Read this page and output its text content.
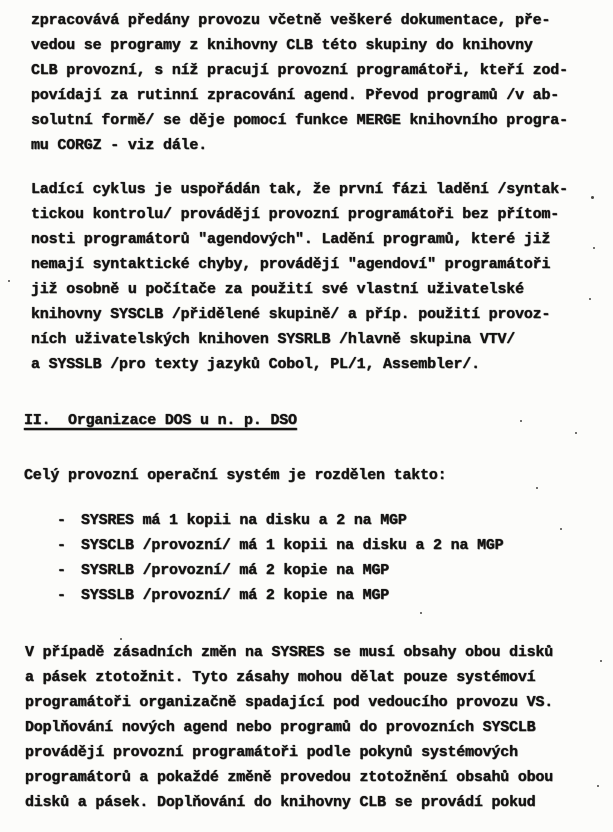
zpracovává předány provozu včetně veškeré dokumentace, pře-
vedou se programy z knihovny CLB této skupiny do knihovny
CLB provozní, s níž pracují provozní programátoři, kteří zod-
povídají za rutinní zpracování agend. Převod programů /v ab-
solutní formě/ se děje pomocí funkce MERGE knihovního progra-
mu CORGZ - viz dále.
Ladící cyklus je uspořádán tak, že první fázi ladění /syntak-
tickou kontrolu/ provádějí provozní programátoři bez přítom-
nosti programátorů "agendových". Ladění programů, které již
nemají syntaktické chyby, provádějí "agendoví" programátoři
již osobně u počítače za použití své vlastní uživatelské
knihovny SYSCLB /přidělené skupině/ a příp. použití provoz-
ních uživatelských knihoven SYSRLB /hlavně skupina VTV/
a SYSSLB /pro texty jazyků Cobol, PL/1, Assembler/.
II.  Organizace DOS u n. p. DSO
Celý provozní operační systém je rozdělen takto:
-	SYSRES má 1 kopii na disku a 2 na MGP
-	SYSCLB /provozní/ má 1 kopii na disku a 2 na MGP
-	SYSRLB /provozní/ má 2 kopie na MGP
-	SYSSLB /provozní/ má 2 kopie na MGP
V případě zásadních změn na SYSRES se musí obsahy obou disků
a pásek ztotožnit. Tyto zásahy mohou dělat pouze systémoví
programátoři organizačně spadající pod vedoucího provozu VS.
Doplňování nových agend nebo programů do provozních SYSCLB
provádějí provozní programátoři podle pokynů systémových
programátorů a pokaždé změně provedou ztotožnění obsahů obou
disků a pásek. Doplňování do knihovny CLB se provádí pokud
